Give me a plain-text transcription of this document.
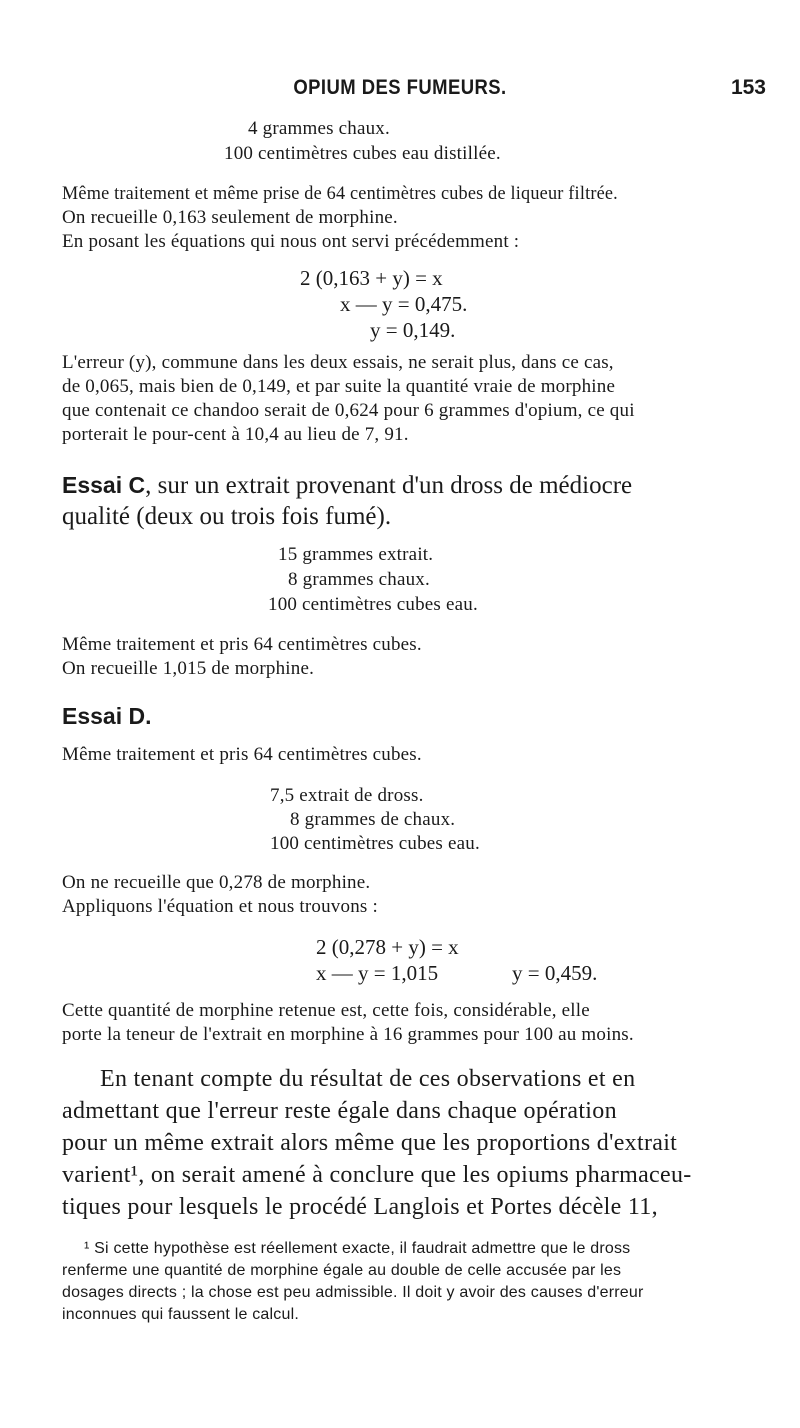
OPIUM DES FUMEURS.	153
4 grammes chaux.
100 centimètres cubes eau distillée.
Même traitement et même prise de 64 centimètres cubes de liqueur filtrée.
On recueille 0,163 seulement de morphine.
En posant les équations qui nous ont servi précédemment :
2 (0,163 + y) = x
x — y = 0,475.
y = 0,149.
L'erreur (y), commune dans les deux essais, ne serait plus, dans ce cas,
de 0,065, mais bien de 0,149, et par suite la quantité vraie de morphine
que contenait ce chandoo serait de 0,624 pour 6 grammes d'opium, ce qui
porterait le pour-cent à 10,4 au lieu de 7, 91.
Essai C, sur un extrait provenant d'un dross de médiocre
qualité (deux ou trois fois fumé).
15 grammes extrait.
8 grammes chaux.
100 centimètres cubes eau.
Même traitement et pris 64 centimètres cubes.
On recueille 1,015 de morphine.
Essai D.
Même traitement et pris 64 centimètres cubes.
7,5 extrait de dross.
8 grammes de chaux.
100 centimètres cubes eau.
On ne recueille que 0,278 de morphine.
Appliquons l'équation et nous trouvons :
2 (0,278 + y) = x
x — y = 1,015	y = 0,459.
Cette quantité de morphine retenue est, cette fois, considérable, elle
porte la teneur de l'extrait en morphine à 16 grammes pour 100 au moins.
En tenant compte du résultat de ces observations et en
admettant que l'erreur reste égale dans chaque opération
pour un même extrait alors même que les proportions d'extrait
varient¹, on serait amené à conclure que les opiums pharmaceu-
tiques pour lesquels le procédé Langlois et Portes décèle 11,
¹ Si cette hypothèse est réellement exacte, il faudrait admettre que le dross
renferme une quantité de morphine égale au double de celle accusée par les
dosages directs ; la chose est peu admissible. Il doit y avoir des causes d'erreur
inconnues qui faussent le calcul.
